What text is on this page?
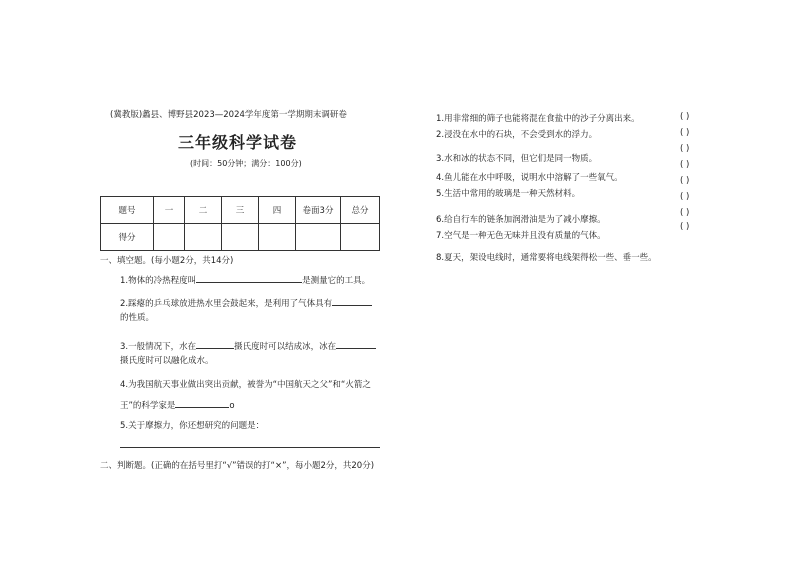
(冀教版)蠡县、博野县2023—2024学年度第一学期期末调研卷
三年级科学试卷
(时间：50分钟；满分：100分)
题号	一	二	三	四	卷面3分	总分
得分						
一、填空题。(每小题2分，共14分)
1.物体的冷热程度叫	是测量它的工具。
2.踩瘪的乒乓球放进热水里会鼓起来，是利用了气体具有
的性质。
3.一般情况下，水在	摄氏度时可以结成冰，冰在
摄氏度时可以融化成水。
4.为我国航天事业做出突出贡献，被誉为“中国航天之父”和“火箭之
王”的科学家是	o
5.关于摩擦力，你还想研究的问题是：
二、判断题。(正确的在括号里打“√”错误的打“×”，每小题2分，共20分)
1.用非常细的筛子也能将混在食盐中的沙子分离出来。
2.浸没在水中的石块，不会受到水的浮力。
3.水和冰的状态不同，但它们是同一物质。
4.鱼儿能在水中呼吸，说明水中溶解了一些氧气。
5.生活中常用的玻璃是一种天然材料。
6.给自行车的链条加润滑油是为了减小摩擦。
7.空气是一种无色无味并且没有质量的气体。
8.夏天，架设电线时，通常要将电线架得松一些、垂一些。
( )
( )
( )
( )
( )
( )
( )
( )
